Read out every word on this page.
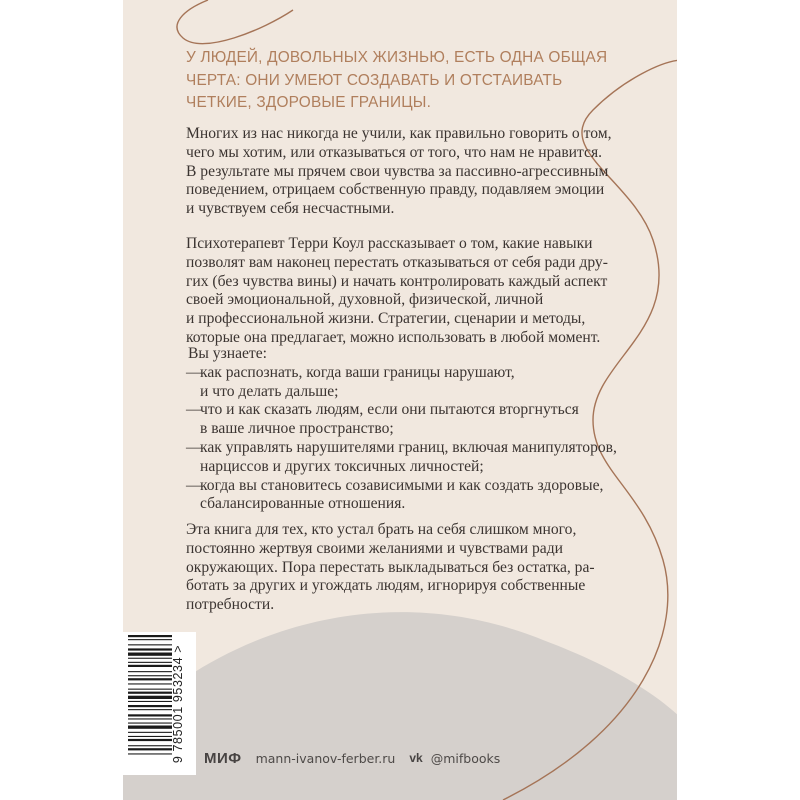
У ЛЮДЕЙ, ДОВОЛЬНЫХ ЖИЗНЬЮ, ЕСТЬ ОДНА ОБЩАЯ
ЧЕРТА: ОНИ УМЕЮТ СОЗДАВАТЬ И ОТСТАИВАТЬ
ЧЕТКИЕ, ЗДОРОВЫЕ ГРАНИЦЫ.
Многих из нас никогда не учили, как правильно говорить о том,
чего мы хотим, или отказываться от того, что нам не нравится.
В результате мы прячем свои чувства за пассивно-агрессивным
поведением, отрицаем собственную правду, подавляем эмоции
и чувствуем себя несчастными.
Психотерапевт Терри Коул рассказывает о том, какие навыки
позволят вам наконец перестать отказываться от себя ради дру-
гих (без чувства вины) и начать контролировать каждый аспект
своей эмоциональной, духовной, физической, личной
и профессиональной жизни. Стратегии, сценарии и методы,
которые она предлагает, можно использовать в любой момент.
Вы узнаете:
—
как распознать, когда ваши границы нарушают,
и что делать дальше;
—
что и как сказать людям, если они пытаются вторгнуться
в ваше личное пространство;
—
как управлять нарушителями границ, включая манипуляторов,
нарциссов и других токсичных личностей;
—
когда вы становитесь созависимыми и как создать здоровые,
сбалансированные отношения.
Эта книга для тех, кто устал брать на себя слишком много,
постоянно жертвуя своими желаниями и чувствами ради
окружающих. Пора перестать выкладываться без остатка, ра-
ботать за других и угождать людям, игнорируя собственные
потребности.
9 785001 953234 > МИФ mann-ivanov-ferber.ru vk @mifbooks
